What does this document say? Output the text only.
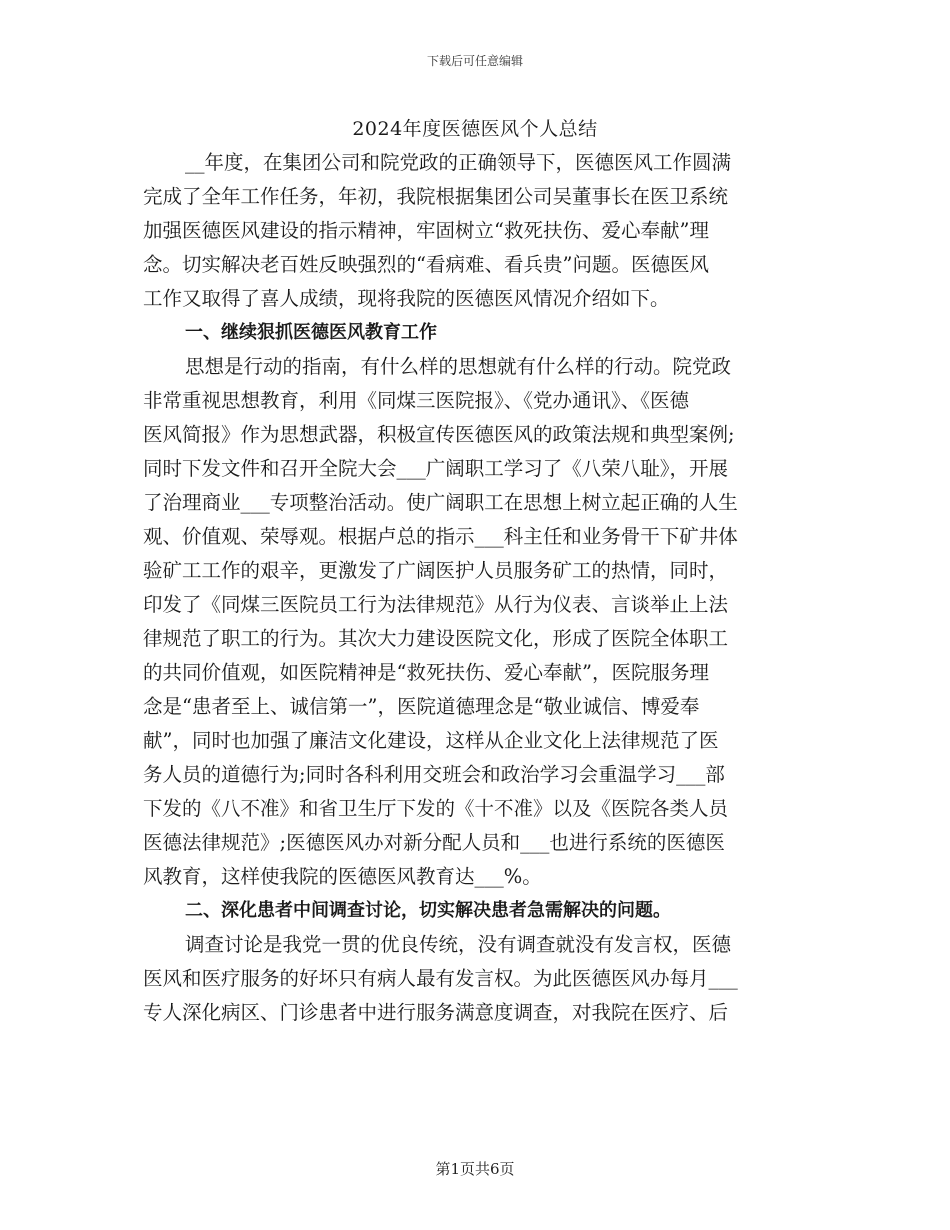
下载后可任意编辑
2024年度医德医风个人总结
__年度，在集团公司和院党政的正确领导下，医德医风工作圆满
完成了全年工作任务，年初，我院根据集团公司吴董事长在医卫系统
加强医德医风建设的指示精神，牢固树立“救死扶伤、爱心奉献”理
念。切实解决老百姓反映强烈的“看病难、看兵贵”问题。医德医风
工作又取得了喜人成绩，现将我院的医德医风情况介绍如下。
一、继续狠抓医德医风教育工作
思想是行动的指南，有什么样的思想就有什么样的行动。院党政
非常重视思想教育，利用《同煤三医院报》、《党办通讯》、《医德
医风简报》作为思想武器，积极宣传医德医风的政策法规和典型案例;
同时下发文件和召开全院大会___广阔职工学习了《八荣八耻》，开展
了治理商业___专项整治活动。使广阔职工在思想上树立起正确的人生
观、价值观、荣辱观。根据卢总的指示___科主任和业务骨干下矿井体
验矿工工作的艰辛，更激发了广阔医护人员服务矿工的热情，同时，
印发了《同煤三医院员工行为法律规范》从行为仪表、言谈举止上法
律规范了职工的行为。其次大力建设医院文化，形成了医院全体职工
的共同价值观，如医院精神是“救死扶伤、爱心奉献”，医院服务理
念是“患者至上、诚信第一”，医院道德理念是“敬业诚信、博爱奉
献”，同时也加强了廉洁文化建设，这样从企业文化上法律规范了医
务人员的道德行为;同时各科利用交班会和政治学习会重温学习___部
下发的《八不准》和省卫生厅下发的《十不准》以及《医院各类人员
医德法律规范》;医德医风办对新分配人员和___也进行系统的医德医
风教育，这样使我院的医德医风教育达___%。
二、深化患者中间调查讨论，切实解决患者急需解决的问题。
调查讨论是我党一贯的优良传统，没有调查就没有发言权，医德
医风和医疗服务的好坏只有病人最有发言权。为此医德医风办每月___
专人深化病区、门诊患者中进行服务满意度调查，对我院在医疗、后
第1页共6页
